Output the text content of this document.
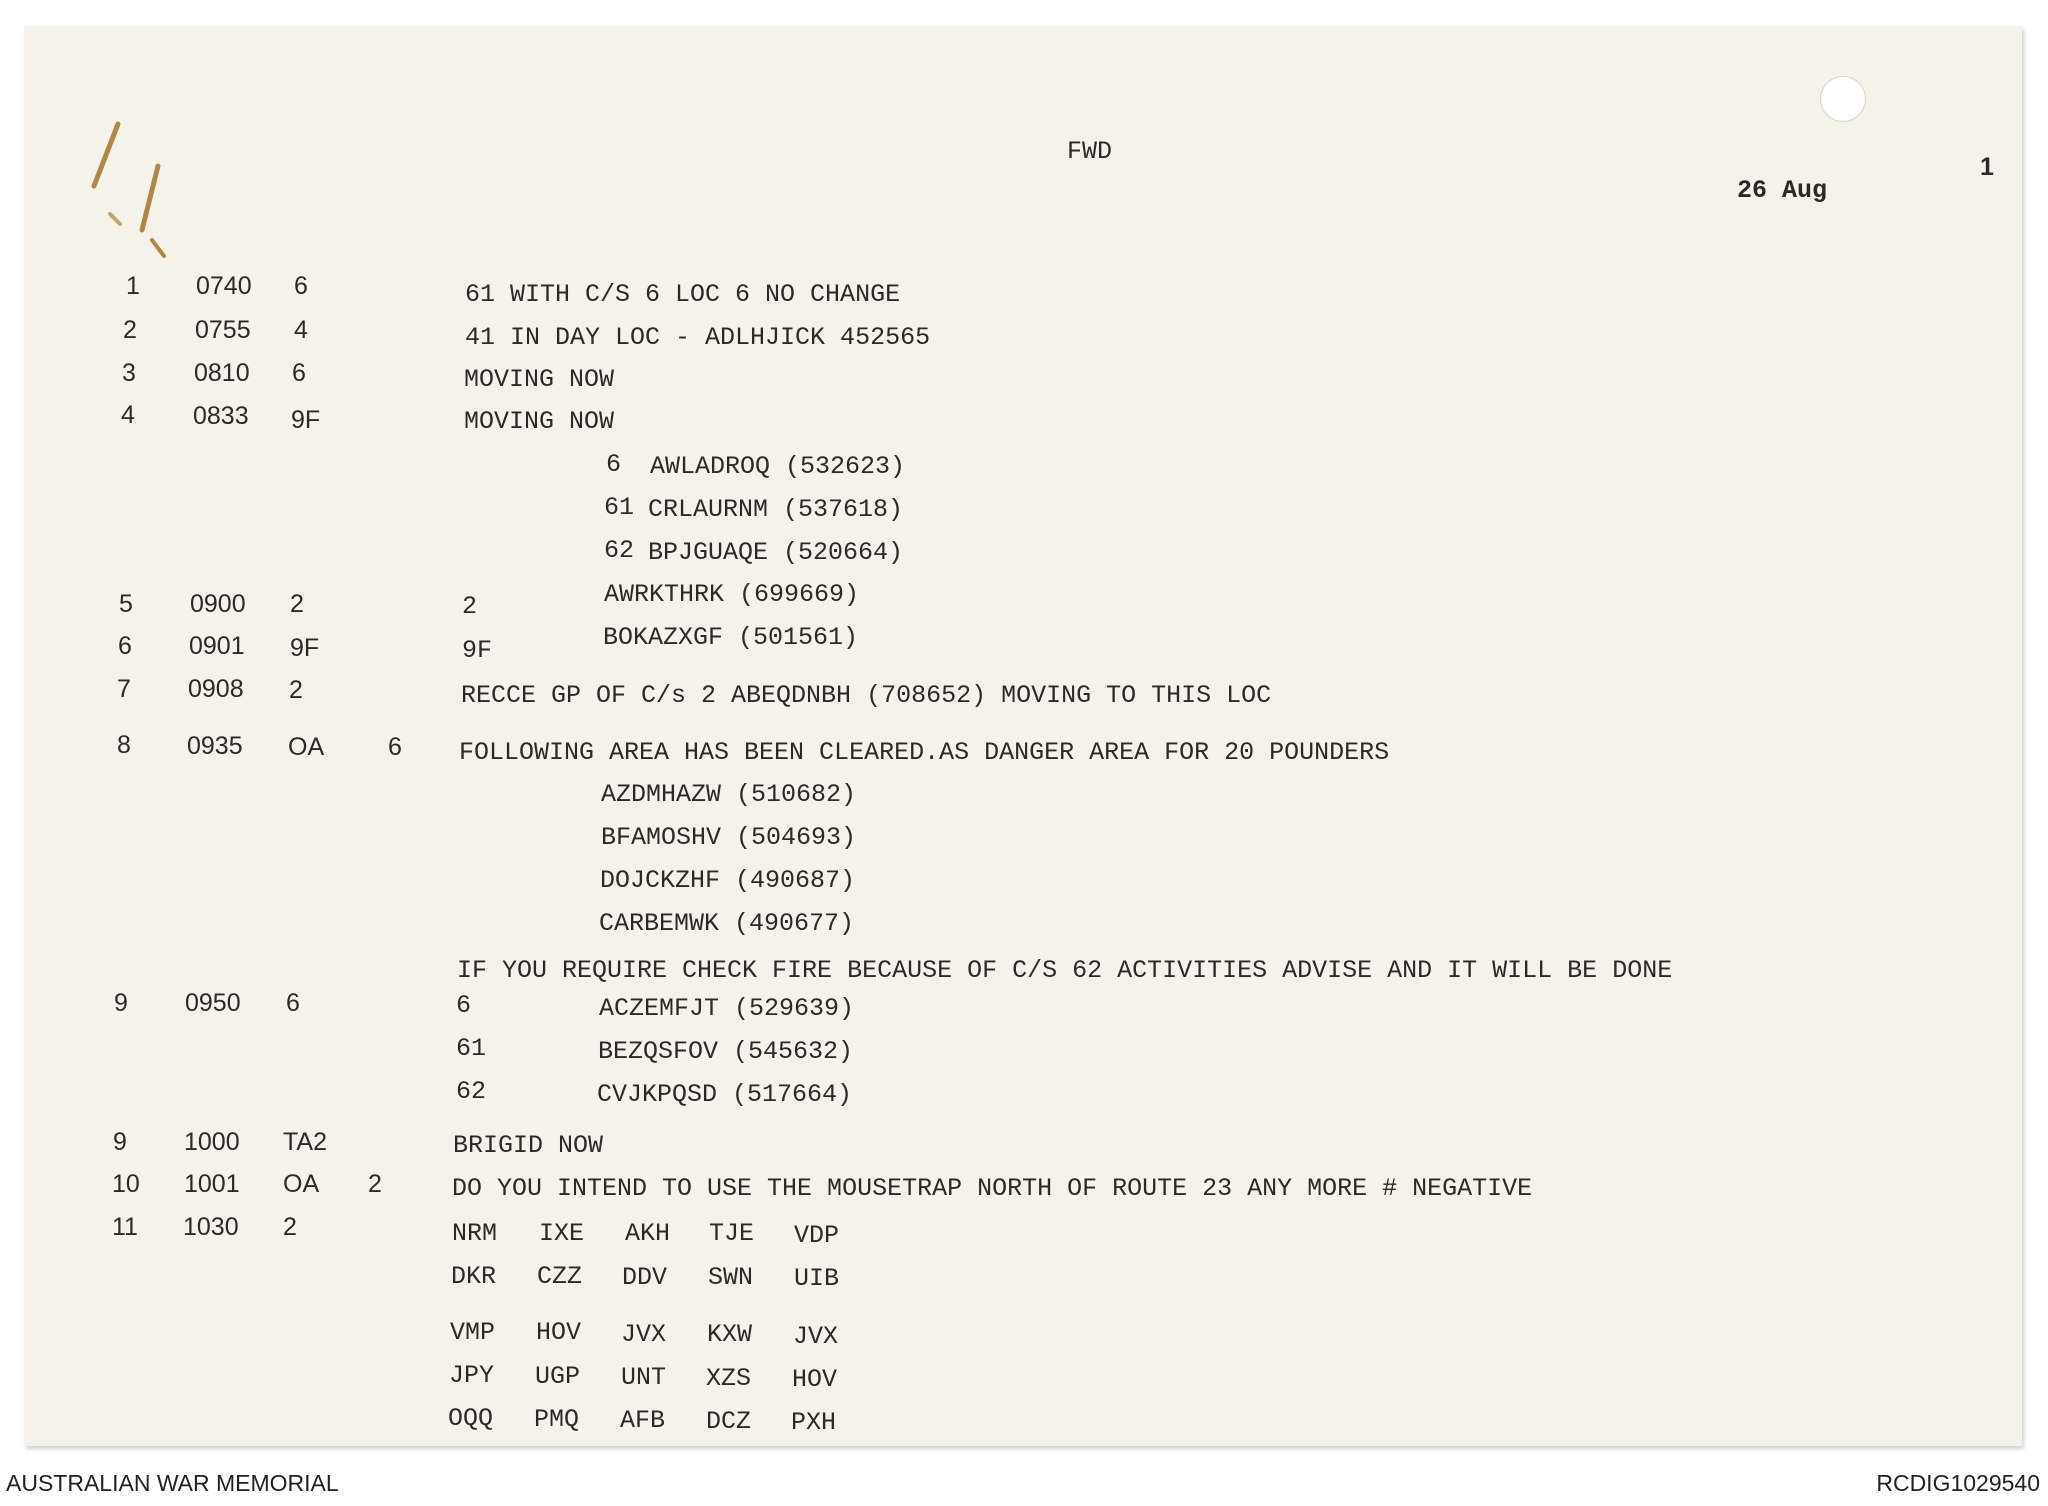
FWD
26 Aug
1
1 0740 6	61 WITH C/S 6 LOC 6 NO CHANGE
2 0755 4	41 IN DAY LOC - ADLHJICK 452565
3 0810 6	MOVING NOW
4 0833 9F	MOVING NOW
6 AWLADROQ (532623)
61 CRLAURNM (537618)
62 BPJGUAQE (520664)
5 0900 2	2	AWRKTHRK (699669)
6 0901 9F	9F	BOKAZXGF (501561)
7 0908 2	RECCE GP OF C/s 2 ABEQDNBH (708652) MOVING TO THIS LOC
8 0935 OA	6 FOLLOWING AREA HAS BEEN CLEARED.AS DANGER AREA FOR 20 POUNDERS
AZDMHAZW (510682)
BFAMOSHV (504693)
DOJCKZHF (490687)
CARBEMWK (490677)
IF YOU REQUIRE CHECK FIRE BECAUSE OF C/S 62 ACTIVITIES ADVISE AND IT WILL BE DONE
9 0950 6	6	ACZEMFJT (529639)
61	BEZQSFOV (545632)
62	CVJKPQSD (517664)
9 1000 TA2	BRIGID NOW
10 1001 OA 2	DO YOU INTEND TO USE THE MOUSETRAP NORTH OF ROUTE 23 ANY MORE # NEGATIVE
11 1030 2	NRM IXE AKH TJE VDP
DKR CZZ DDV SWN UIB
VMP HOV JVX KXW JVX
JPY UGP UNT XZS HOV
OQQ PMQ AFB DCZ PXH
AUSTRALIAN WAR MEMORIAL	RCDIG1029540
